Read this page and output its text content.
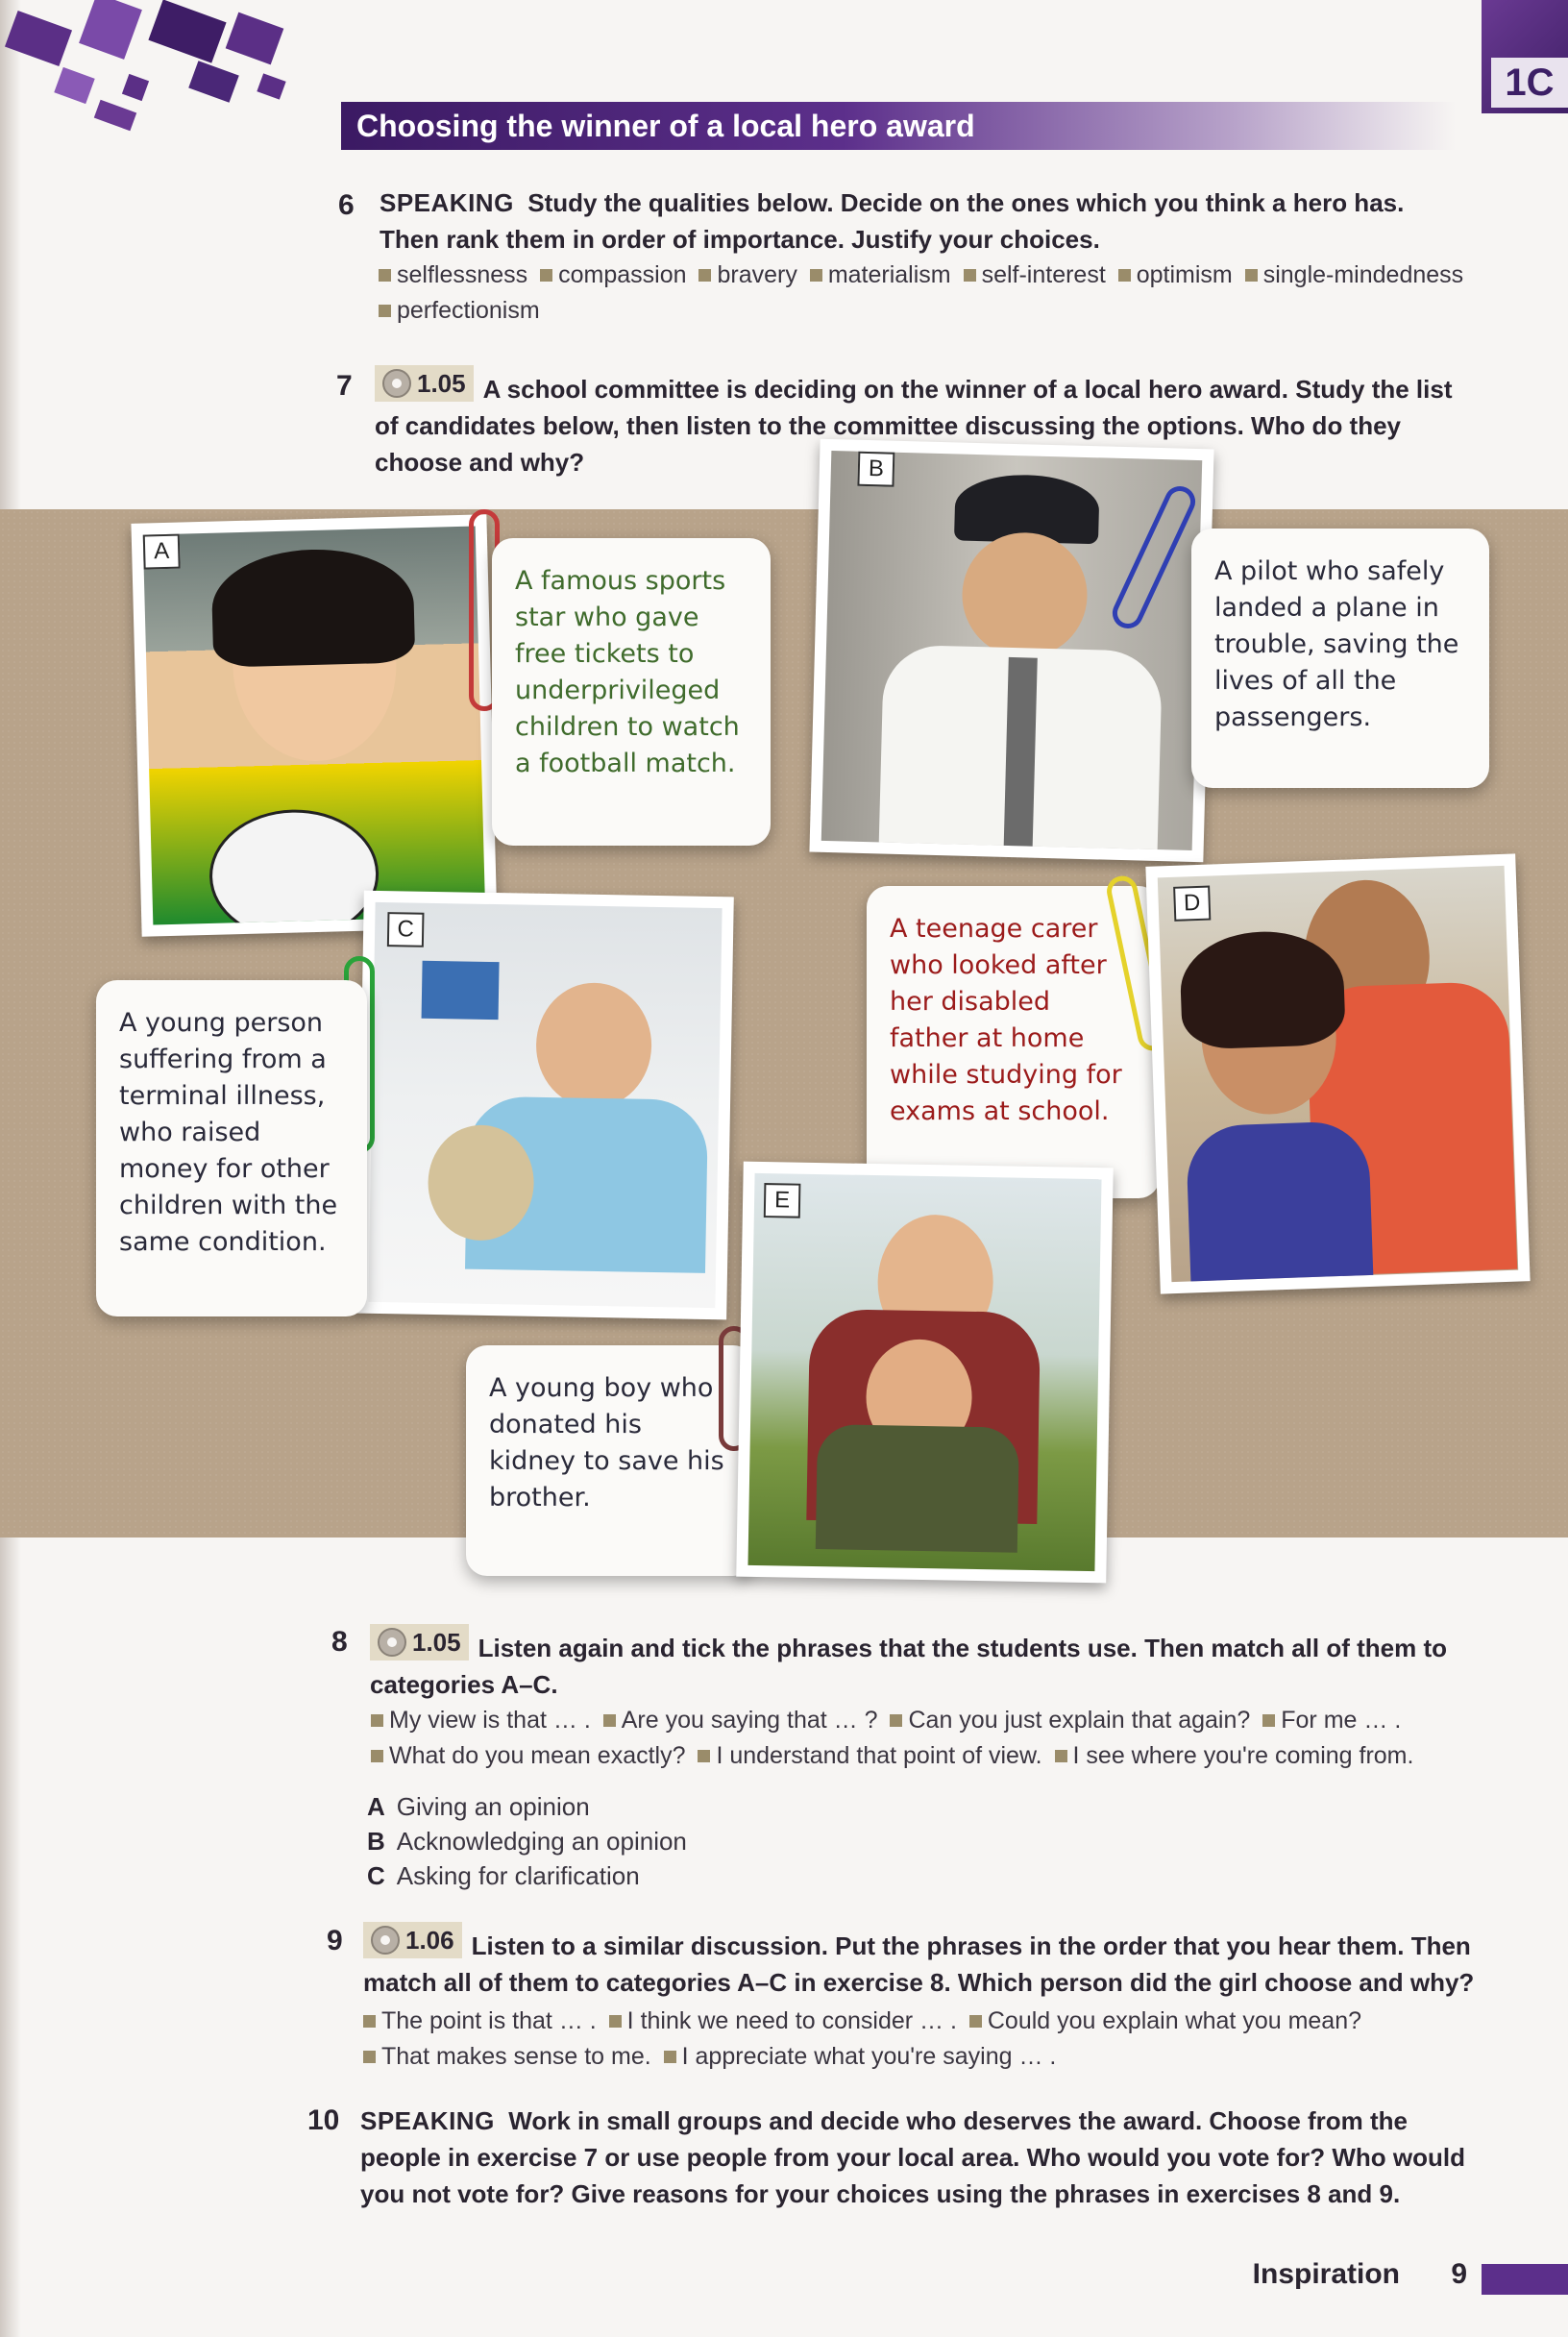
1C
Choosing the winner of a local hero award
6 SPEAKING Study the qualities below. Decide on the ones which you think a hero has. Then rank them in order of importance. Justify your choices.
selflessness compassion bravery materialism self-interest optimism single-mindedness
perfectionism
7	1.05 A school committee is deciding on the winner of a local hero award. Study the list of candidates below, then listen to the committee discussing the options. Who do they choose and why?
A
A famous sports star who gave free tickets to underprivileged children to watch a football match.
B
A pilot who safely landed a plane in trouble, saving the lives of all the passengers.
C
A young person suffering from a terminal illness, who raised money for other children with the same condition.
A teenage carer who looked after her disabled father at home while studying for exams at school.
D
A young boy who donated his kidney to save his brother.
E
8	1.05 Listen again and tick the phrases that the students use. Then match all of them to categories A–C.
My view is that … . Are you saying that … ? Can you just explain that again? For me … .
What do you mean exactly? I understand that point of view. I see where you're coming from.
A Giving an opinion
B Acknowledging an opinion
C Asking for clarification
9	1.06 Listen to a similar discussion. Put the phrases in the order that you hear them. Then match all of them to categories A–C in exercise 8. Which person did the girl choose and why?
The point is that … . I think we need to consider … . Could you explain what you mean?
That makes sense to me. I appreciate what you're saying … .
10 SPEAKING Work in small groups and decide who deserves the award. Choose from the people in exercise 7 or use people from your local area. Who would you vote for? Who would you not vote for? Give reasons for your choices using the phrases in exercises 8 and 9.
Inspiration 9
